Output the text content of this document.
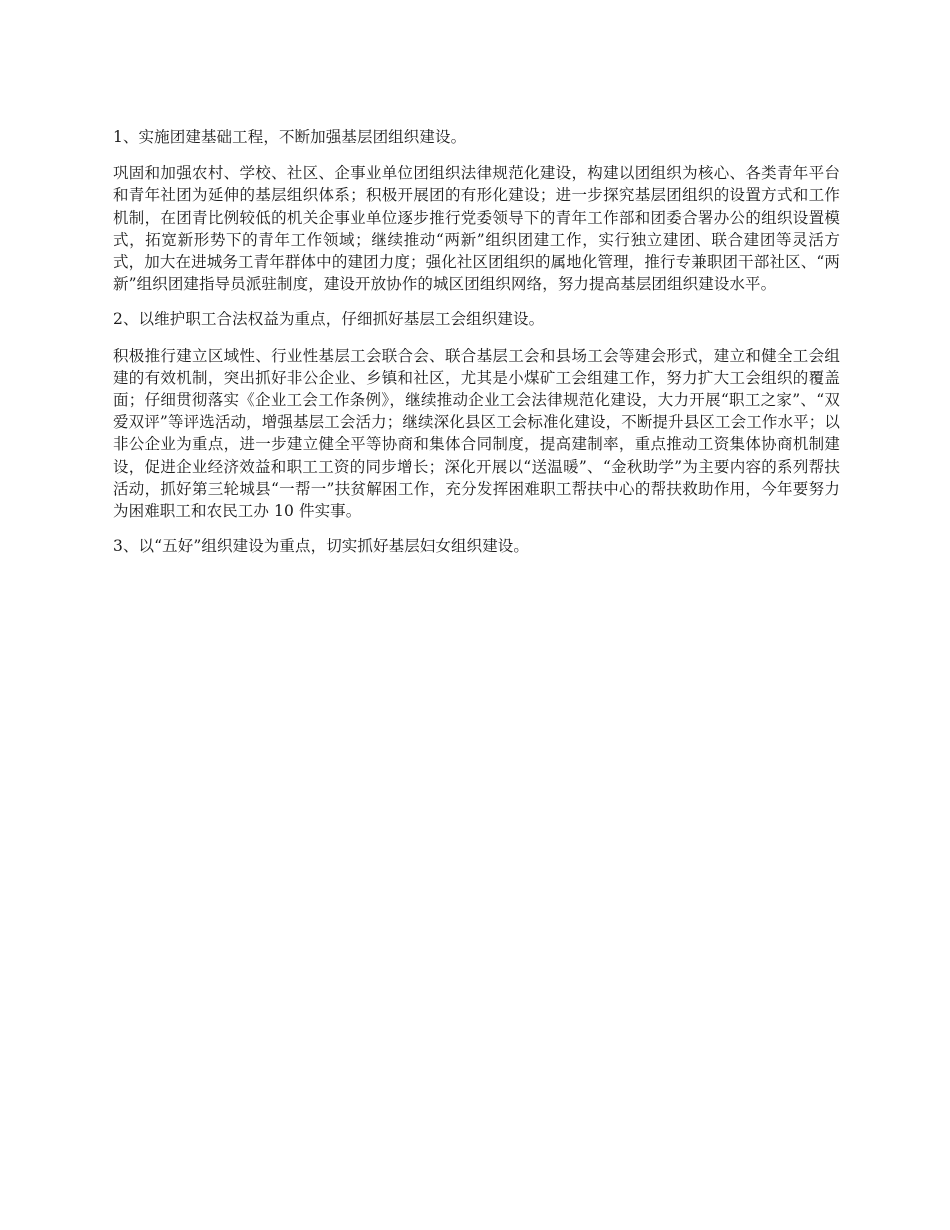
1、实施团建基础工程，不断加强基层团组织建设。

巩固和加强农村、学校、社区、企事业单位团组织法律规范化建设，构建以团组织为核心、各类青年平台和青年社团为延伸的基层组织体系；积极开展团的有形化建设；进一步探究基层团组织的设置方式和工作机制，在团青比例较低的机关企事业单位逐步推行党委领导下的青年工作部和团委合署办公的组织设置模式，拓宽新形势下的青年工作领域；继续推动“两新”组织团建工作，实行独立建团、联合建团等灵活方式，加大在进城务工青年群体中的建团力度；强化社区团组织的属地化管理，推行专兼职团干部社区、“两新”组织团建指导员派驻制度，建设开放协作的城区团组织网络，努力提高基层团组织建设水平。

2、以维护职工合法权益为重点，仔细抓好基层工会组织建设。

积极推行建立区域性、行业性基层工会联合会、联合基层工会和县场工会等建会形式，建立和健全工会组建的有效机制，突出抓好非公企业、乡镇和社区，尤其是小煤矿工会组建工作，努力扩大工会组织的覆盖面；仔细贯彻落实《企业工会工作条例》，继续推动企业工会法律规范化建设，大力开展“职工之家”、“双爱双评”等评选活动，增强基层工会活力；继续深化县区工会标准化建设，不断提升县区工会工作水平；以非公企业为重点，进一步建立健全平等协商和集体合同制度，提高建制率，重点推动工资集体协商机制建设，促进企业经济效益和职工工资的同步增长；深化开展以“送温暖”、“金秋助学”为主要内容的系列帮扶活动，抓好第三轮城县“一帮一”扶贫解困工作，充分发挥困难职工帮扶中心的帮扶救助作用，今年要努力为困难职工和农民工办 10 件实事。

3、以“五好”组织建设为重点，切实抓好基层妇女组织建设。
